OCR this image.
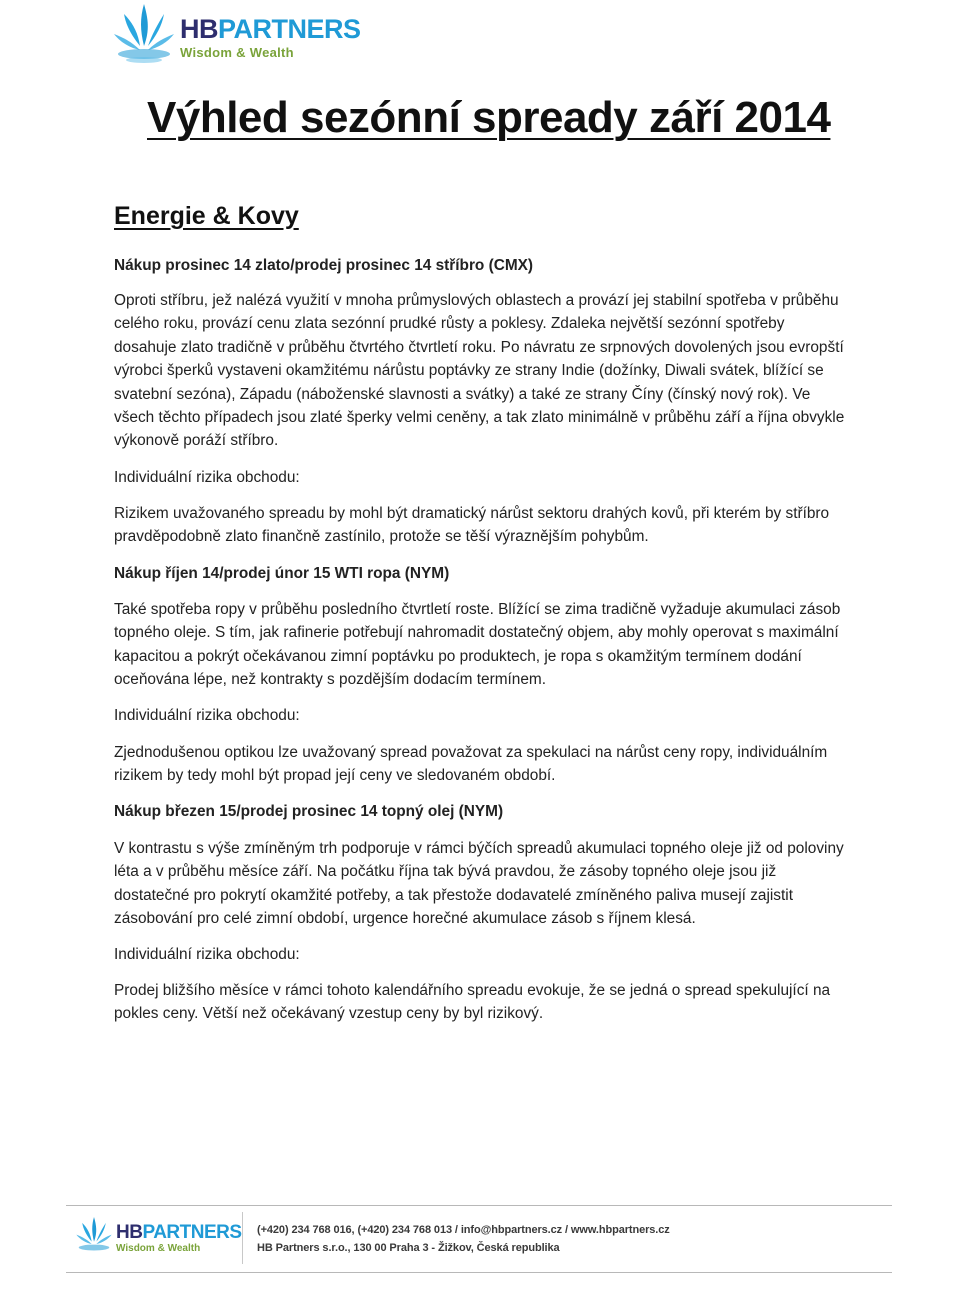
HBPARTNERS
Wisdom & Wealth
Výhled sezónní spready září 2014
Energie & Kovy

Nákup prosinec 14 zlato/prodej prosinec 14 stříbro (CMX)

Oproti stříbru, jež nalézá využití v mnoha průmyslových oblastech a provází jej stabilní spotřeba v průběhu celého roku, provází cenu zlata sezónní prudké růsty a poklesy. Zdaleka největší sezónní spotřeby dosahuje zlato tradičně v průběhu čtvrtého čtvrtletí roku. Po návratu ze srpnových dovolených jsou evropští výrobci šperků vystaveni okamžitému nárůstu poptávky ze strany Indie (dožínky, Diwali svátek, blížící se svatební sezóna), Západu (náboženské slavnosti a svátky) a také ze strany Číny (čínský nový rok). Ve všech těchto případech jsou zlaté šperky velmi ceněny, a tak zlato minimálně v průběhu září a října obvykle výkonově poráží stříbro.

Individuální rizika obchodu:

Rizikem uvažovaného spreadu by mohl být dramatický nárůst sektoru drahých kovů, při kterém by stříbro pravděpodobně zlato finančně zastínilo, protože se těší výraznějším pohybům.

Nákup říjen 14/prodej únor 15 WTI ropa (NYM)

Také spotřeba ropy v průběhu posledního čtvrtletí roste. Blížící se zima tradičně vyžaduje akumulaci zásob topného oleje. S tím, jak rafinerie potřebují nahromadit dostatečný objem, aby mohly operovat s maximální kapacitou a pokrýt očekávanou zimní poptávku po produktech, je ropa s okamžitým termínem dodání oceňována lépe, než kontrakty s pozdějším dodacím termínem.

Individuální rizika obchodu:

Zjednodušenou optikou lze uvažovaný spread považovat za spekulaci na nárůst ceny ropy, individuálním rizikem by tedy mohl být propad její ceny ve sledovaném období.

Nákup březen 15/prodej prosinec 14 topný olej (NYM)

V kontrastu s výše zmíněným trh podporuje v rámci býčích spreadů akumulaci topného oleje již od poloviny léta a v průběhu měsíce září. Na počátku října tak bývá pravdou, že zásoby topného oleje jsou již dostatečné pro pokrytí okamžité potřeby, a tak přestože dodavatelé zmíněného paliva musejí zajistit zásobování pro celé zimní období, urgence horečné akumulace zásob s říjnem klesá.

Individuální rizika obchodu:

Prodej bližšího měsíce v rámci tohoto kalendářního spreadu evokuje, že se jedná o spread spekulující na pokles ceny. Větší než očekávaný vzestup ceny by byl rizikový.

HBPARTNERS
Wisdom & Wealth
(+420) 234 768 016, (+420) 234 768 013 / info@hbpartners.cz / www.hbpartners.cz
HB Partners s.r.o., 130 00 Praha 3 - Žižkov, Česká republika
